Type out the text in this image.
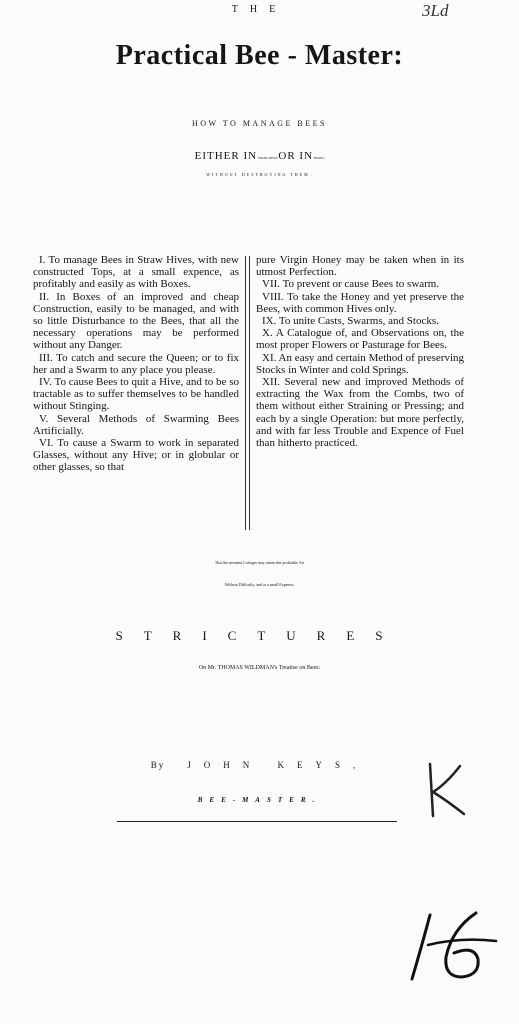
3Ld
THE
Practical Bee - Master:
HOW TO MANAGE BEES
EITHER IN STRAW HIVES OR IN BOXES,
WITHOUT DESTROYING THEM,

I. To manage Bees in Straw Hives, with new constructed Tops, at a small expence, as profitably and easily as with Boxes.

II. In Boxes of an improved and cheap Construction, easily to be managed, and with so little Disturbance to the Bees, that all the necessary operations may be performed without any Danger.

III. To catch and secure the Queen; or to fix her and a Swarm to any place you please.

IV. To cause Bees to quit a Hive, and to be so tractable as to suffer themselves to be handled without Stinging.

V. Several Methods of Swarming Bees Artificially.

VI. To cause a Swarm to work in separated Glasses, without any Hive; or in globular or other glasses, so that

pure Virgin Honey may be taken when in its utmost Perfection.

VII. To prevent or cause Bees to swarm.

VIII. To take the Honey and yet preserve the Bees, with common Hives only.

IX. To unite Casts, Swarms, and Stocks.

X. A Catalogue of, and Observations on, the most proper Flowers or Pasturage for Bees.

XI. An easy and certain Method of preserving Stocks in Winter and cold Springs.

XII. Several new and improved Methods of extracting the Wax from the Combs, two of them without either Straining or Pressing; and each by a single Operation: but more perfectly, and with far less Trouble and Expence of Fuel than hitherto practiced.

That the meanest Cottager may attain this profitable Art
Without Difficulty, and at a small Expence;
STRICTURES
On Mr. THOMAS WILDMAN's Treatise on Bees:
By JOHN KEYS,
BEE-MASTER.
